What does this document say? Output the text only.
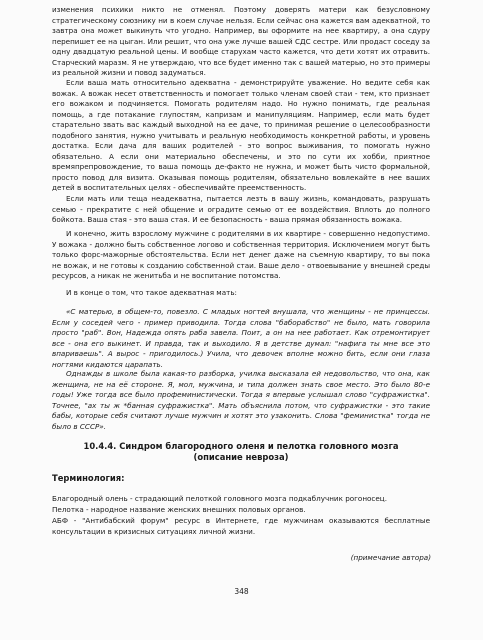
изменения психики никто не отменял. Поэтому доверять матери как безусловному стратегическому союзнику ни в коем случае нельзя. Если сейчас она кажется вам адекватной, то завтра она может выкинуть что угодно. Например, вы оформите на нее квартиру, а она сдуру перепишет ее на цыган. Или решит, что она уже лучше вашей СДС сестре. Или продаст соседу за одну двадцатую реальной цены. И вообще старухам часто кажется, что дети хотят их отравить. Старческий маразм. Я не утверждаю, что все будет именно так с вашей матерью, но это примеры из реальной жизни и повод задуматься.

Если ваша мать относительно адекватна - демонстрируйте уважение. Но ведите себя как вожак. А вожак несет ответственность и помогает только членам своей стаи - тем, кто признает его вожаком и подчиняется. Помогать родителям надо. Но нужно понимать, где реальная помощь, а где потакание глупостям, капризам и манипуляциям. Например, если мать будет старательно звать вас каждый выходной на ее даче, то принимая решение о целесообразности подобного занятия, нужно учитывать и реальную необходимость конкретной работы, и уровень достатка. Если дача для ваших родителей - это вопрос выживания, то помогать нужно обязательно. А если они материально обеспечены, и это по сути их хобби, приятное времяпрепровождение, то ваша помощь де-факто не нужна, и может быть чисто формальной, просто повод для визита. Оказывая помощь родителям, обязательно вовлекайте в нее ваших детей в воспитательных целях - обеспечивайте преемственность.

Если мать или теща неадекватна, пытается лезть в вашу жизнь, командовать, разрушать семью - прекратите с ней общение и оградите семью от ее воздействия. Вплоть до полного бойкота. Ваша стая - это ваша стая. И ее безопасность - ваша прямая обязанность вожака.

И конечно, жить взрослому мужчине с родителями в их квартире - совершенно недопустимо. У вожака - должно быть собственное логово и собственная территория. Исключением могут быть только форс-мажорные обстоятельства. Если нет денег даже на съемную квартиру, то вы пока не вожак, и не готовы к созданию собственной стаи. Ваше дело - отвоевывание у внешней среды ресурсов, а никак не женитьба и не воспитание потомства.

И в конце о том, что такое адекватная мать:

«С матерью, в общем-то, повезло. С младых ногтей внушала, что женщины - не принцессы. Если у соседей чего - пример приводила. Тогда слова "баборабство" не было, мать говорила просто "раб". Вон, Надежда опять раба завела. Поит, а он на нее работает. Как отремонтирует все - она его выкинет. И правда, так и выходило. Я в детстве думал: "нафига ты мне все это впариваешь". А вырос - пригодилось.) Учила, что девочек вполне можно бить, если они глаза ногтями кидаются царапать.

Однажды в школе была какая-то разборка, училка высказала ей недовольство, что она, как женщина, не на её стороне. Я, мол, мужчина, и типа должен знать свое место. Это было 80-е годы! Уже тогда все было профеминистически. Тогда я впервые услышал слово "суфражистка". Точнее, "ах ты ж *банная суфражистка". Мать объяснила потом, что суфражистки - это такие бабы, которые себя считают лучше мужчин и хотят это узаконить. Слова "феминистка" тогда не было в СССР».

10.4.4. Синдром благородного оленя и пелотка головного мозга

(описание невроза)

Терминология:

Благородный олень - страдающий пелоткой головного мозга подкаблучник рогоносец.

Пелотка - народное название женских внешних половых органов.

АБФ - "Антибабский форум" ресурс в Интернете, где мужчинам оказываются бесплатные консультации в кризисных ситуациях личной жизни.

(примечание автора)

348
